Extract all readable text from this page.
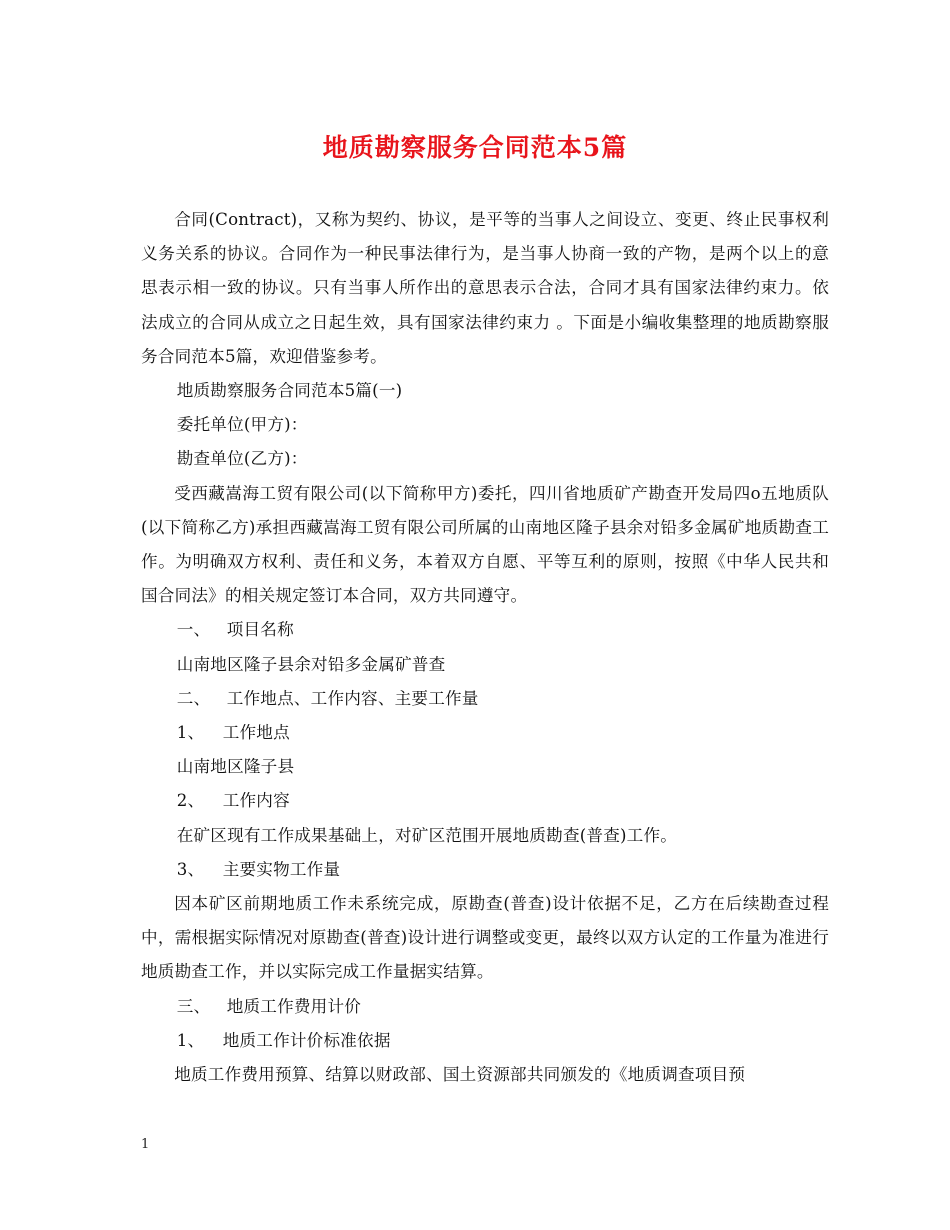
地质勘察服务合同范本5篇

合同(Contract)，又称为契约、协议，是平等的当事人之间设立、变更、终止民事权利义务关系的协议。合同作为一种民事法律行为，是当事人协商一致的产物，是两个以上的意思表示相一致的协议。只有当事人所作出的意思表示合法，合同才具有国家法律约束力。依法成立的合同从成立之日起生效，具有国家法律约束力 。下面是小编收集整理的地质勘察服务合同范本5篇，欢迎借鉴参考。

地质勘察服务合同范本5篇(一)

委托单位(甲方)：

勘查单位(乙方)：

受西藏嵩海工贸有限公司(以下简称甲方)委托，四川省地质矿产勘查开发局四o五地质队(以下简称乙方)承担西藏嵩海工贸有限公司所属的山南地区隆子县余对铅多金属矿地质勘查工作。为明确双方权利、责任和义务，本着双方自愿、平等互利的原则，按照《中华人民共和国合同法》的相关规定签订本合同，双方共同遵守。

一、 项目名称

山南地区隆子县余对铅多金属矿普查

二、 工作地点、工作内容、主要工作量

1、 工作地点

山南地区隆子县

2、 工作内容

在矿区现有工作成果基础上，对矿区范围开展地质勘查(普查)工作。

3、 主要实物工作量

因本矿区前期地质工作未系统完成，原勘查(普查)设计依据不足，乙方在后续勘查过程中，需根据实际情况对原勘查(普查)设计进行调整或变更，最终以双方认定的工作量为准进行地质勘查工作，并以实际完成工作量据实结算。

三、 地质工作费用计价

1、 地质工作计价标准依据

地质工作费用预算、结算以财政部、国土资源部共同颁发的《地质调查项目预

1
